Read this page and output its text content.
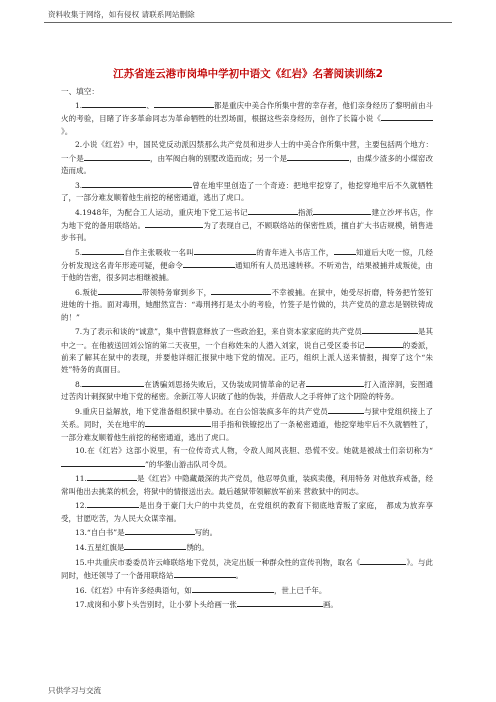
资料收集于网络，如有侵权 请联系网站删除
江苏省连云港市岗埠中学初中语文《红岩》名著阅读训练2
一、填空：

1.	、	都是重庆中美合作所集中营的幸存者，他们亲身经历了黎明前由斗火的考验，目睹了许多革命同志为革命牺牲的壮烈场面，根据这些亲身经历，创作了长篇小说《》。

2.小说《红岩》中，国民党反动派囚禁那么共产党员和进步人士的中美合作所集中营，主要包括两个地方：一个是	，由军阀白驹的别墅改造而成；另一个是	，由煤少渣多的小煤窑改造而成。

3.	曾在地牢里创造了一个奇迹：把地牢挖穿了，他挖穿地牢后不久就牺牲了，一部分难友顺着他生前挖的秘密通道，逃出了虎口。

4.1948年，为配合工人运动，重庆地下党工运书记	指派	建立沙坪书店，作为地下党的备用联络站。	为了表现自己，不顾联络站的保密性质，擅自扩大书店规模，销售进步书刊。

5.	自作主张吸收一名叫	的青年进入书店工作，	知道后大吃一惊，几经分析发现这名青年形迹可疑，便命令	通知所有人员迅速转移。不听劝告，结果被捕并成叛徒，由于他的告密，很多同志相继被捕。

6.叛徒	带领特务窜到乡下，	不幸被捕。在狱中，她受尽折磨，特务把竹签钉进她的十指。面对毒刑，她酣然宣告：“毒刑拷打是太小的考验，竹签子是竹做的，共产党员的意志是钢铁铸成的！”

7.为了表示和谈的“诚意”，集中营假意释放了一些政治犯，来自资本家家庭的共产党员	是其中之一。在他被送回刘公馆的第二天夜里，一个自称姓朱的人潜入刘家，说自己受区委书记	的委派，前来了解其在狱中的表现，并要他详细汇报狱中地下党的情况。正巧，组织上派人送来情报，揭穿了这个“朱姓”特务的真面目。

8.	在诱骗刘思扬失败后，又伪装成同情革命的记者	打入渣滓洞，妄图通过苦肉计刺探狱中地下党的秘密。余新江等人识破了他的伪装，并借敌人之手将伸了这个阴险的特务。

9.重庆日益解放，地下党准备组织狱中暴动。在白公馆装疯多年的共产党员	与狱中党组织接上了关系。同时，关在地牢的	用手指和铁镣挖出了一条秘密通道，他挖穿地牢后不久就牺牲了，一部分难友顺着他生前挖的秘密通道，逃出了虎口。

10.在《红岩》这部小说里，有一位传奇式人物，令敌人闻风丧胆、恐慌不安。她就是被战士们亲切称为“”的华蓥山游击队司令员。

11.	是《红岩》中隐藏最深的共产党员，他忍辱负重，装疯卖傻，利用特务 对他放弃戒备，经常叫他出去挑菜的机会，将狱中的情报送出去。最后越狱带领解放军前来 营救狱中的同志。

12.	是出身于豪门大户的中共党员，在党组织的教育下彻底地背叛了家庭，　都成为放弃享受，甘愿吃苦，为人民大众谋幸福。

13.“自白书”是	写的。

14.五星红旗是	绣的。

15.中共重庆市委委员许云峰联络地下党员，决定出版一种群众性的宣传刊物，取名《	》。与此同时，他还领导了一个备用联络站	。

16.《红岩》中有许多经典语句，如	，世上已千年。

17.成岗和小萝卜头告别时，让小萝卜头给画一张	画。

只供学习与交流
